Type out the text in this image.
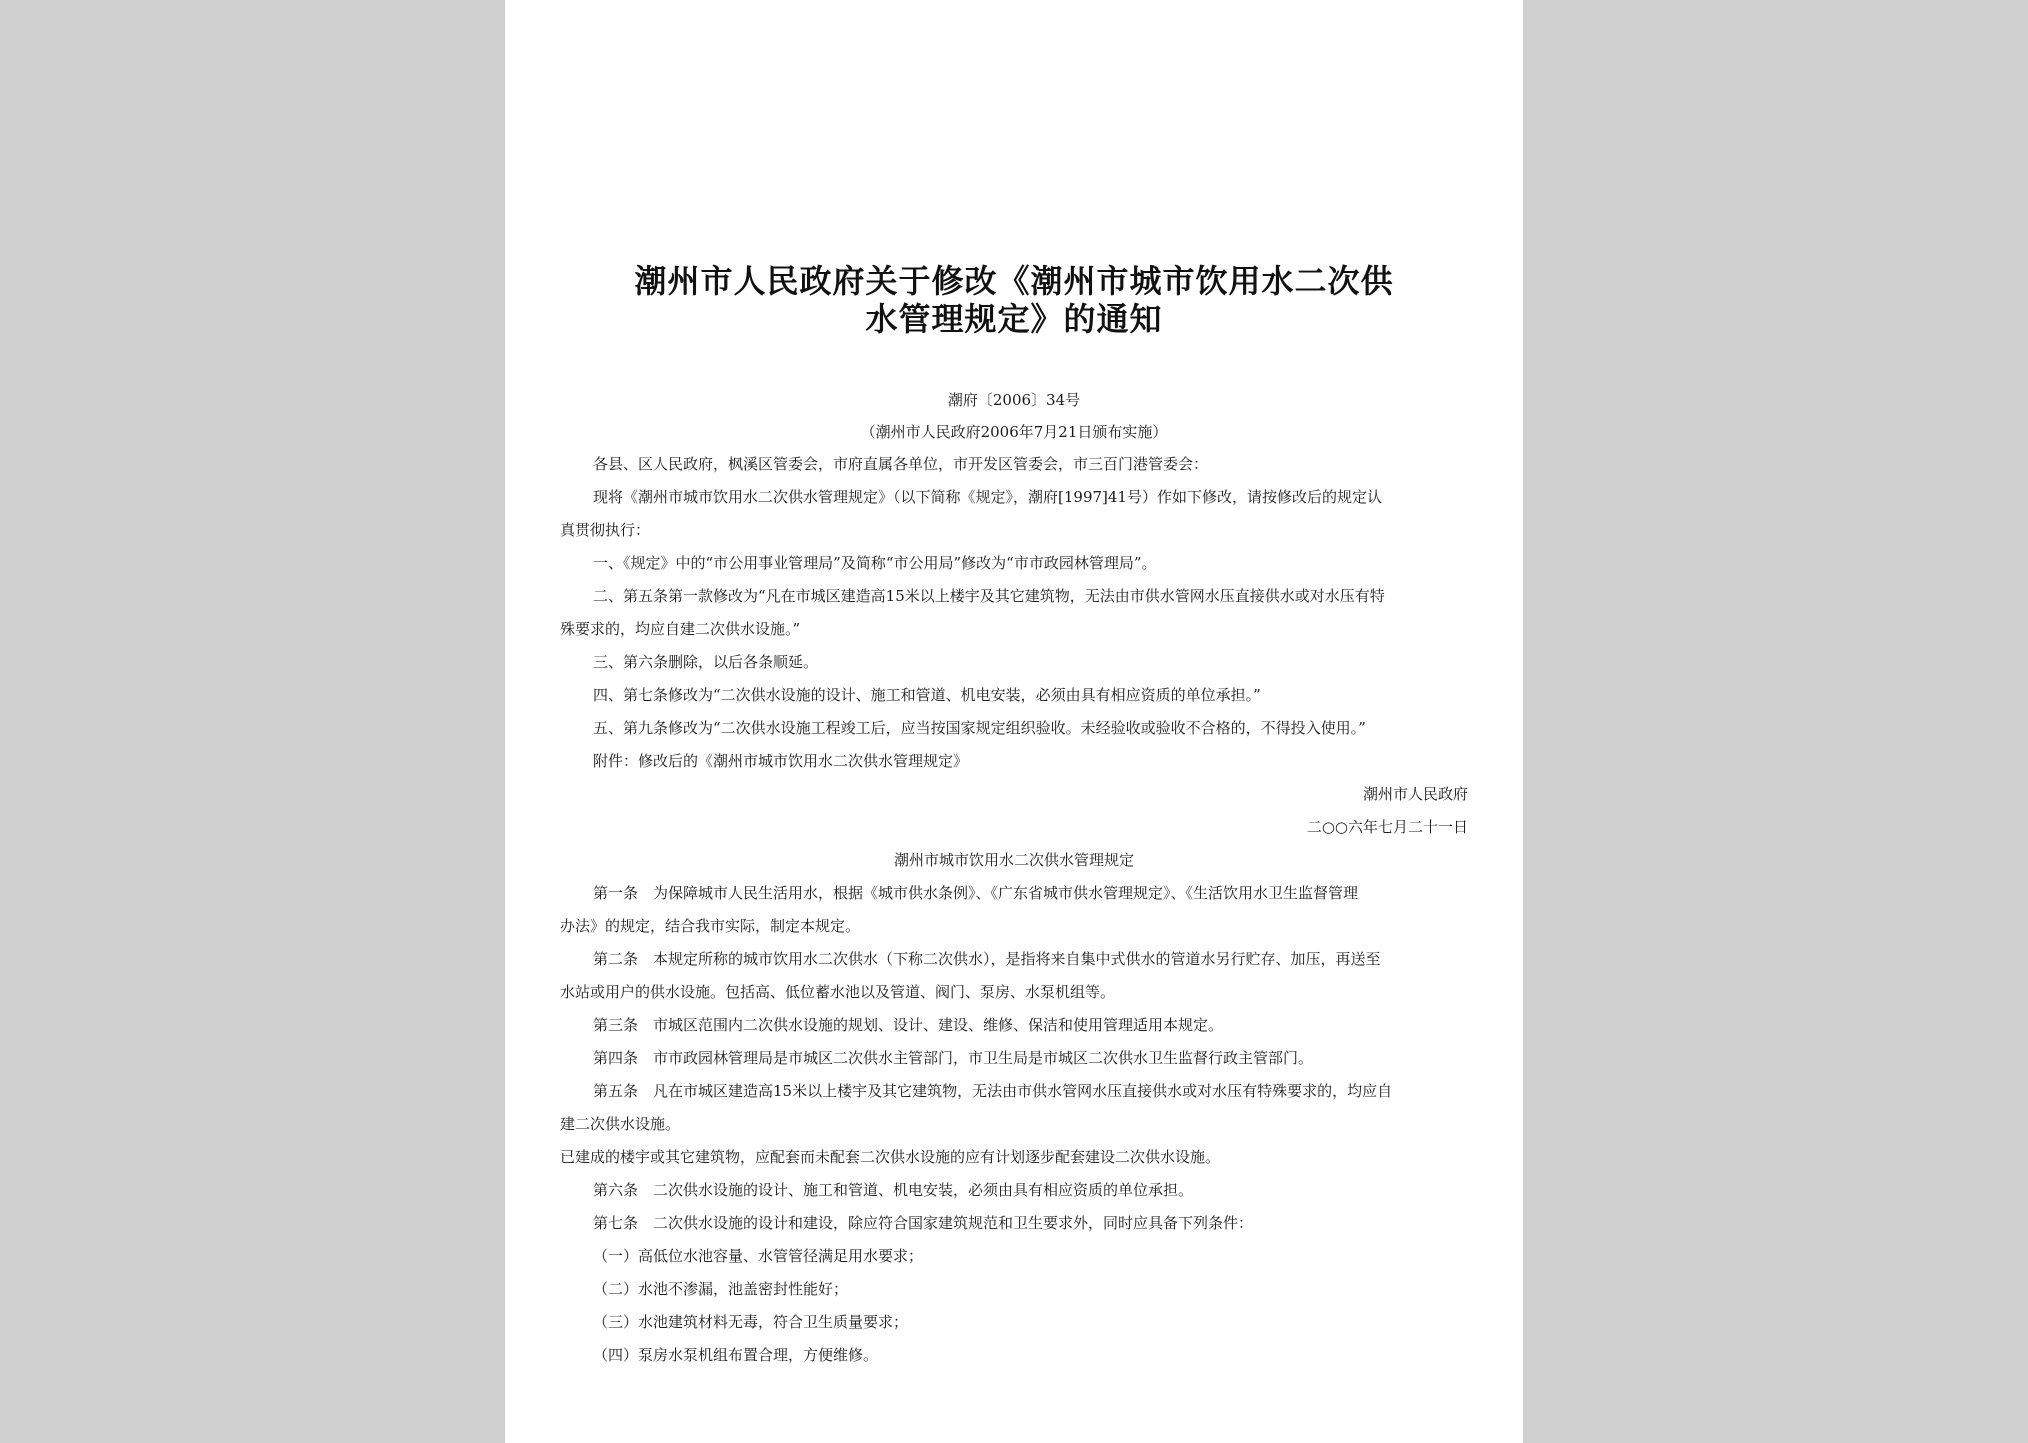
潮州市人民政府关于修改《潮州市城市饮用水二次供
水管理规定》的通知
潮府〔2006〕34号
（潮州市人民政府2006年7月21日颁布实施）
各县、区人民政府，枫溪区管委会，市府直属各单位，市开发区管委会，市三百门港管委会：
现将《潮州市城市饮用水二次供水管理规定》（以下简称《规定》，潮府[1997]41号）作如下修改，请按修改后的规定认
真贯彻执行：
一、《规定》中的“市公用事业管理局”及简称“市公用局”修改为“市市政园林管理局”。
二、第五条第一款修改为“凡在市城区建造高15米以上楼宇及其它建筑物，无法由市供水管网水压直接供水或对水压有特
殊要求的，均应自建二次供水设施。”
三、第六条删除，以后各条顺延。
四、第七条修改为“二次供水设施的设计、施工和管道、机电安装，必须由具有相应资质的单位承担。”
五、第九条修改为“二次供水设施工程竣工后，应当按国家规定组织验收。未经验收或验收不合格的，不得投入使用。”
附件：修改后的《潮州市城市饮用水二次供水管理规定》
潮州市人民政府
二○○六年七月二十一日
潮州市城市饮用水二次供水管理规定
第一条　为保障城市人民生活用水，根据《城市供水条例》、《广东省城市供水管理规定》、《生活饮用水卫生监督管理
办法》的规定，结合我市实际，制定本规定。
第二条　本规定所称的城市饮用水二次供水（下称二次供水），是指将来自集中式供水的管道水另行贮存、加压，再送至
水站或用户的供水设施。包括高、低位蓄水池以及管道、阀门、泵房、水泵机组等。
第三条　市城区范围内二次供水设施的规划、设计、建设、维修、保洁和使用管理适用本规定。
第四条　市市政园林管理局是市城区二次供水主管部门，市卫生局是市城区二次供水卫生监督行政主管部门。
第五条　凡在市城区建造高15米以上楼宇及其它建筑物，无法由市供水管网水压直接供水或对水压有特殊要求的，均应自
建二次供水设施。
已建成的楼宇或其它建筑物，应配套而未配套二次供水设施的应有计划逐步配套建设二次供水设施。
第六条　二次供水设施的设计、施工和管道、机电安装，必须由具有相应资质的单位承担。
第七条　二次供水设施的设计和建设，除应符合国家建筑规范和卫生要求外，同时应具备下列条件：
（一）高低位水池容量、水管管径满足用水要求；
（二）水池不渗漏，池盖密封性能好；
（三）水池建筑材料无毒，符合卫生质量要求；
（四）泵房水泵机组布置合理，方便维修。
